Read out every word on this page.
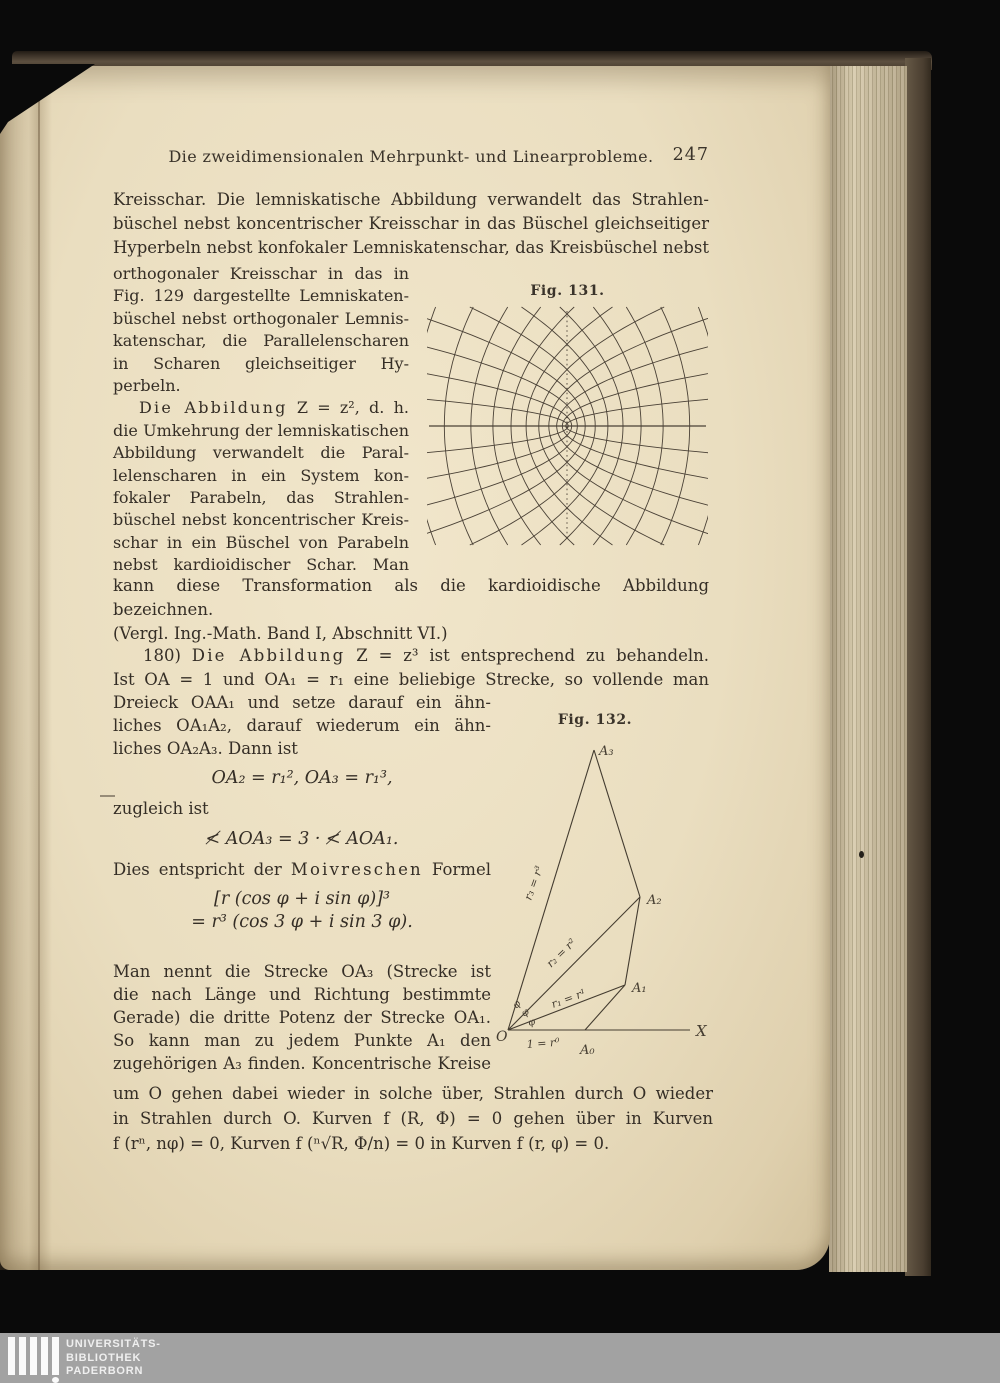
Die zweidimensionalen Mehrpunkt- und Linearprobleme.	247
Kreisschar. Die lemniskatische Abbildung verwandelt das Strahlen-
büschel nebst koncentrischer Kreisschar in das Büschel gleichseitiger
Hyperbeln nebst konfokaler Lemniskatenschar, das Kreisbüschel nebst
orthogonaler Kreisschar in das in
Fig. 129 dargestellte Lemniskaten-
büschel nebst orthogonaler Lemnis-
katenschar, die Parallelenscharen
in Scharen gleichseitiger Hy-
perbeln.
Die Abbildung Z = z², d. h.
die Umkehrung der lemniskatischen
Abbildung verwandelt die Paral-
lelenscharen in ein System kon-
fokaler Parabeln, das Strahlen-
büschel nebst koncentrischer Kreis-
schar in ein Büschel von Parabeln
nebst kardioidischer Schar. Man
Fig. 131.
kann diese Transformation als die kardioidische Abbildung bezeichnen.
(Vergl. Ing.-Math. Band I, Abschnitt VI.)
180) Die Abbildung Z = z³ ist entsprechend zu behandeln.
Ist OA = 1 und OA₁ = r₁ eine beliebige Strecke, so vollende man
Dreieck OAA₁ und setze darauf ein ähn-
liches OA₁A₂, darauf wiederum ein ähn-
liches OA₂A₃. Dann ist
OA₂ = r₁², OA₃ = r₁³,
zugleich ist
≮ AOA₃ = 3 · ≮ AOA₁.
Dies entspricht der Moivreschen Formel
[r (cos φ + i sin φ)]³
= r³ (cos 3 φ + i sin 3 φ).
Man nennt die Strecke OA₃ (Strecke ist
die nach Länge und Richtung bestimmte
Gerade) die dritte Potenz der Strecke OA₁.
So kann man zu jedem Punkte A₁ den
zugehörigen A₃ finden. Koncentrische Kreise
Fig. 132.
O	X
A₀
A₁
A₂
A₃
1 = r⁰
r₁ = r¹
r₂ = r²
r₃ = r³
φ
φ
φ
um O gehen dabei wieder in solche über, Strahlen durch O wieder
in Strahlen durch O. Kurven f (R, Φ) = 0 gehen über in Kurven
f (rⁿ, nφ) = 0, Kurven f (ⁿ√R, Φ/n) = 0 in Kurven f (r, φ) = 0.
UNIVERSITÄTS-
BIBLIOTHEK
PADERBORN
